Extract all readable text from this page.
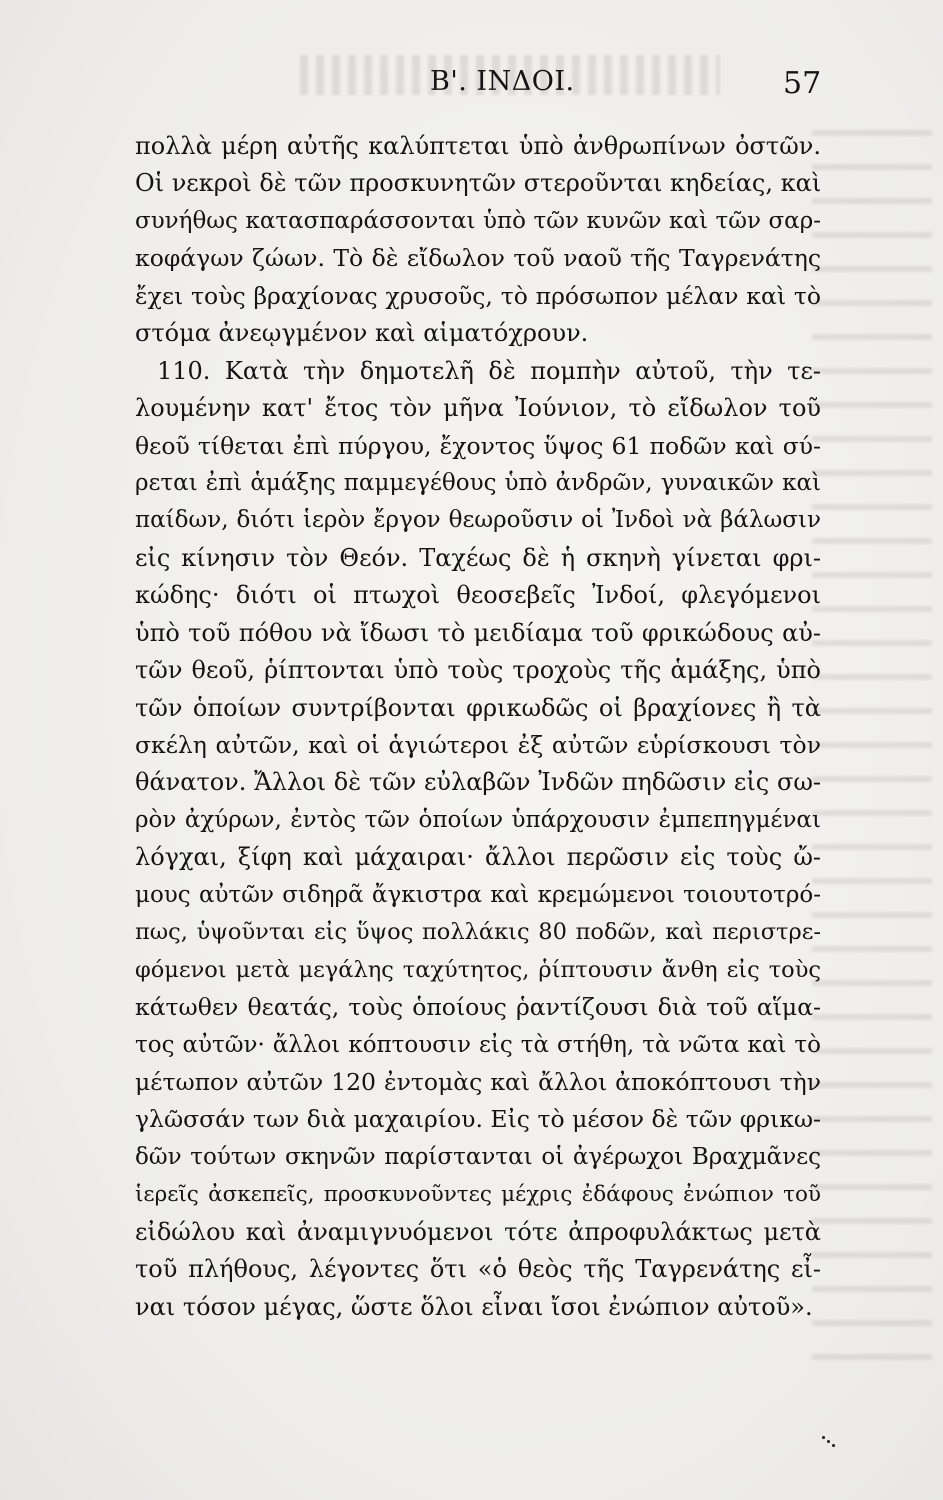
Β'. ΙΝΔΟΙ.	57
πολλὰ μέρη αὐτῆς καλύπτεται ὑπὸ ἀνθρωπίνων ὀστῶν.
Οἱ νεκροὶ δὲ τῶν προσκυνητῶν στεροῦνται κηδείας, καὶ
συνήθως κατασπαράσσονται ὑπὸ τῶν κυνῶν καὶ τῶν σαρ-
κοφάγων ζώων. Τὸ δὲ εἴδωλον τοῦ ναοῦ τῆς Ταγρενάτης
ἔχει τοὺς βραχίονας χρυσοῦς, τὸ πρόσωπον μέλαν καὶ τὸ
στόμα ἀνεῳγμένον καὶ αἱματόχρουν.
110. Κατὰ τὴν δημοτελῆ δὲ πομπὴν αὐτοῦ, τὴν τε-
λουμένην κατ' ἔτος τὸν μῆνα Ἰούνιον, τὸ εἴδωλον τοῦ
θεοῦ τίθεται ἐπὶ πύργου, ἔχοντος ὕψος 61 ποδῶν καὶ σύ-
ρεται ἐπὶ ἁμάξης παμμεγέθους ὑπὸ ἀνδρῶν, γυναικῶν καὶ
παίδων, διότι ἱερὸν ἔργον θεωροῦσιν οἱ Ἰνδοὶ νὰ βάλωσιν
εἰς κίνησιν τὸν Θεόν. Ταχέως δὲ ἡ σκηνὴ γίνεται φρι-
κώδης· διότι οἱ πτωχοὶ θεοσεβεῖς Ἰνδοί, φλεγόμενοι
ὑπὸ τοῦ πόθου νὰ ἴδωσι τὸ μειδίαμα τοῦ φρικώδους αὐ-
τῶν θεοῦ, ῥίπτονται ὑπὸ τοὺς τροχοὺς τῆς ἁμάξης, ὑπὸ
τῶν ὁποίων συντρίβονται φρικωδῶς οἱ βραχίονες ἢ τὰ
σκέλη αὐτῶν, καὶ οἱ ἁγιώτεροι ἐξ αὐτῶν εὑρίσκουσι τὸν
θάνατον. Ἄλλοι δὲ τῶν εὐλαβῶν Ἰνδῶν πηδῶσιν εἰς σω-
ρὸν ἀχύρων, ἐντὸς τῶν ὁποίων ὑπάρχουσιν ἐμπεπηγμέναι
λόγχαι, ξίφη καὶ μάχαιραι· ἄλλοι περῶσιν εἰς τοὺς ὤ-
μους αὐτῶν σιδηρᾶ ἄγκιστρα καὶ κρεμώμενοι τοιουτοτρό-
πως, ὑψοῦνται εἰς ὕψος πολλάκις 80 ποδῶν, καὶ περιστρε-
φόμενοι μετὰ μεγάλης ταχύτητος, ῥίπτουσιν ἄνθη εἰς τοὺς
κάτωθεν θεατάς, τοὺς ὁποίους ῥαντίζουσι διὰ τοῦ αἵμα-
τος αὐτῶν· ἄλλοι κόπτουσιν εἰς τὰ στήθη, τὰ νῶτα καὶ τὸ
μέτωπον αὐτῶν 120 ἐντομὰς καὶ ἄλλοι ἀποκόπτουσι τὴν
γλῶσσάν των διὰ μαχαιρίου. Εἰς τὸ μέσον δὲ τῶν φρικω-
δῶν τούτων σκηνῶν παρίστανται οἱ ἀγέρωχοι Βραχμᾶνες
ἱερεῖς ἀσκεπεῖς, προσκυνοῦντες μέχρις ἐδάφους ἐνώπιον τοῦ
εἰδώλου καὶ ἀναμιγνυόμενοι τότε ἀπροφυλάκτως μετὰ
τοῦ πλήθους, λέγοντες ὅτι «ὁ θεὸς τῆς Ταγρενάτης εἶ-
ναι τόσον μέγας, ὥστε ὅλοι εἶναι ἴσοι ἐνώπιον αὐτοῦ».
